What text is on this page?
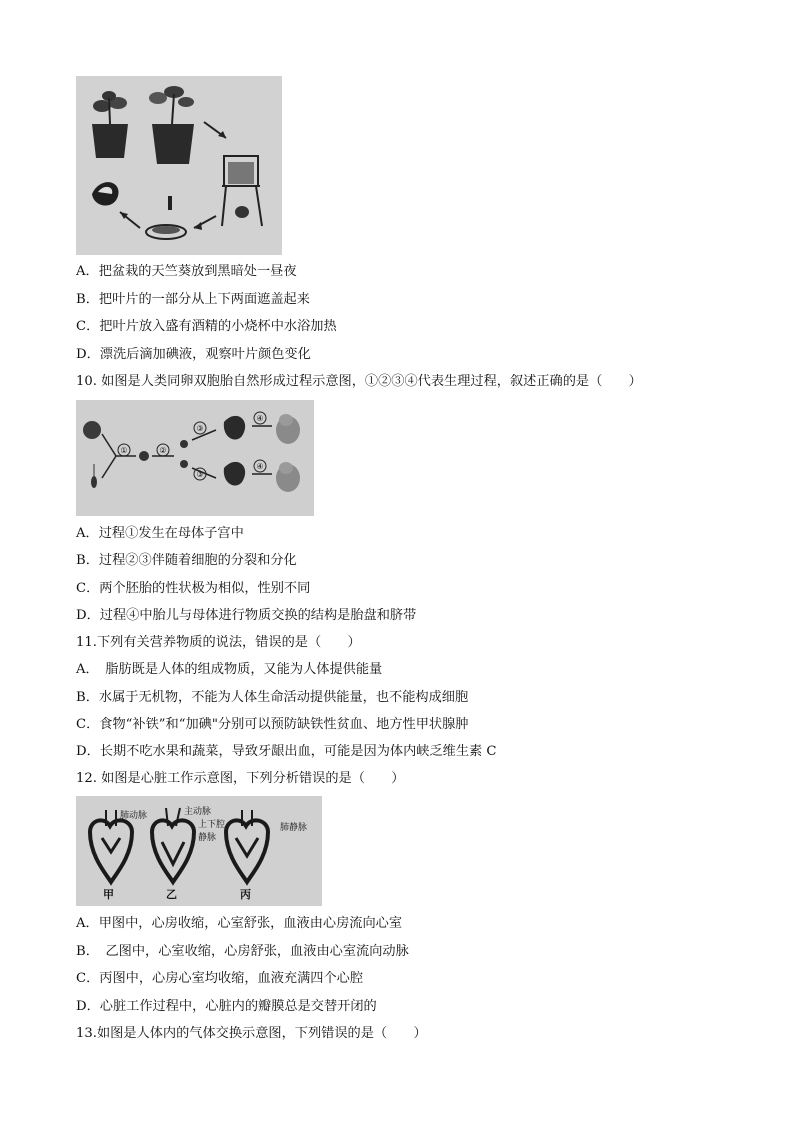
A．把盆栽的天竺葵放到黑暗处一昼夜
B．把叶片的一部分从上下两面遮盖起来
C．把叶片放入盛有酒精的小烧杯中水浴加热
D．漂洗后滴加碘液，观察叶片颜色变化
10. 如图是人类同卵双胞胎自然形成过程示意图，①②③④代表生理过程，叙述正确的是（　　）
①	②
③
③
④
④
A．过程①发生在母体子宫中
B．过程②③伴随着细胞的分裂和分化
C．两个胚胎的性状极为相似，性别不同
D．过程④中胎儿与母体进行物质交换的结构是胎盘和脐带
11.下列有关营养物质的说法，错误的是（　　）
A．　脂肪既是人体的组成物质，又能为人体提供能量
B．水属于无机物，不能为人体生命活动提供能量，也不能构成细胞
C．食物“补铁”和“加碘"分别可以预防缺铁性贫血、地方性甲状腺肿
D．长期不吃水果和蔬菜，导致牙龈出血，可能是因为体内峡乏维生素 C
12. 如图是心脏工作示意图，下列分析错误的是（　　）
肺动脉	主动脉
上下腔
静脉
肺静脉
甲	乙	丙
A．甲图中，心房收缩，心室舒张，血液由心房流向心室
B．　乙图中，心室收缩，心房舒张，血液由心室流向动脉
C．丙图中，心房心室均收缩，血液充满四个心腔
D．心脏工作过程中，心脏内的瓣膜总是交替开闭的
13.如图是人体内的气体交换示意图，下列错误的是（　　）
